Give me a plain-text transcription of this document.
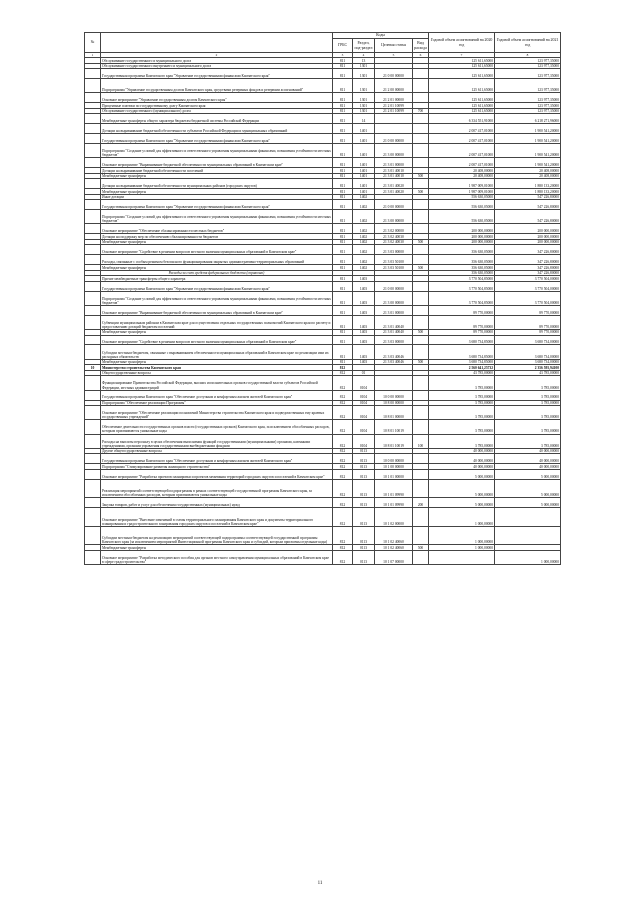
№		Коды				Годовой объем ассигнований на 2020 год	Годовой объем ассигнований на 2021 год
		ГРБС	Раздел, под-раздел	Целевая статья	Вид расхода		
1	2	3	4	5	6	7	8
	Обслуживание государственного и муниципального долга	811	13			125 611,65000	123 977,35000
	Обслуживание государственного внутреннего и муниципального долга	811	1301			125 611,65000	123 977,35000
	Государственная программа Камчатского края "Управление государственными финансами Камчатского края"	811	1301	21 0 00 00000		125 611,65000	123 977,35000
	Подпрограмма "Управление государственным долгом Камчатского края, средствами резервных фондов и резервами ассигнований"	811	1301	21 2 00 00000		125 611,65000	123 977,35000
	Основное мероприятие "Управление государственным долгом Камчатского края"	811	1301	21 2 01 00000		125 611,65000	123 977,35000
	Процентные платежи по государственному долгу Камчатского края	811	1301	21 2 01 10099		125 611,65000	123 977,35000
	Обслуживание государственного (муниципального) долга	811	1301	21 2 01 10099	700	125 611,65000	123 977,35000
	Межбюджетные трансферты общего характера бюджетам бюджетной системы Российской Федерации	811	14			6 334 551,91000	6 218 271,96000
	Дотации на выравнивание бюджетной обеспеченности субъектов Российской Федерации и муниципальных образований	811	1401			2 007 417,01000	1 900 541,20000
	Государственная программа Камчатского края "Управление государственными финансами Камчатского края"	811	1401	21 0 00 00000		2 007 417,01000	1 900 541,20000
	Подпрограмма "Создание условий для эффективного и ответственного управления муниципальными финансами, повышения устойчивости местных бюджетов"	811	1401	21 3 00 00000		2 007 417,01000	1 900 541,20000
	Основное мероприятие "Выравнивание бюджетной обеспеченности муниципальных образований в Камчатском крае"	811	1401	21 3 01 00000		2 007 417,01000	1 900 541,20000
	Дотации на выравнивание бюджетной обеспеченности поселений	811	1401	21 3 01 40010		20 408,00000	20 408,00000
	Межбюджетные трансферты	811	1401	21 3 01 40010	500	20 408,00000	20 408,00000
	Дотации на выравнивание бюджетной обеспеченности муниципальных районов (городских округов)	811	1401	21 3 01 40020		1 987 009,01000	1 880 133,20000
	Межбюджетные трансферты	811	1401	21 3 01 40020	500	1 987 009,01000	1 880 133,20000
	Иные дотации	811	1402			556 630,05000	547 226,80000
	Государственная программа Камчатского края "Управление государственными финансами Камчатского края"	811	1402	21 0 00 00000		556 630,05000	547 226,80000
	Подпрограмма "Создание условий для эффективного и ответственного управления муниципальными финансами, повышения устойчивости местных бюджетов"	811	1402	21 3 00 00000		556 630,05000	547 226,80000
	Основное мероприятие "Обеспечение сбалансированности местных бюджетов"	811	1402	21 3 02 00000		200 000,00000	200 000,00000
	Дотации на поддержку мер по обеспечению сбалансированности бюджетов	811	1402	21 3 02 40030		200 000,00000	200 000,00000
	Межбюджетные трансферты	811	1402	21 3 02 40030	500	200 000,00000	200 000,00000
	Основное мероприятие "Содействие в решении вопросов местного значения муниципальных образований в Камчатском крае"	811	1402	21 3 03 00000		356 630,05000	347 226,80000
	Расходы, связанные с особым режимом безопасного функционирования закрытых административно-территориальных образований	811	1402	21 3 03 50100		356 630,05000	347 226,80000
	Межбюджетные трансферты	811	1402	21 3 03 50100	500	356 630,05000	347 226,80000
	Расходы за счет средств федерального бюджета (справочно)					356 630,05000	347 226,80000
	Прочие межбюджетные трансферты общего характера	811	1403			3 770 504,85000	3 770 504,00000
	Государственная программа Камчатского края "Управление государственными финансами Камчатского края"	811	1403	21 0 00 00000		3 770 504,85000	3 770 504,00000
	Подпрограмма "Создание условий для эффективного и ответственного управления муниципальными финансами, повышения устойчивости местных бюджетов"	811	1403	21 3 00 00000		3 770 504,85000	3 770 504,00000
	Основное мероприятие "Выравнивание бюджетной обеспеченности муниципальных образований в Камчатском крае"	811	1403	21 3 01 00000		89 770,00000	89 770,00000
	Субвенции муниципальным районам в Камчатском крае для осуществления отдельных государственных полномочий Камчатского края по расчету и предоставлению дотаций бюджетам поселений	811	1403	21 3 01 40040		89 770,00000	89 770,00000
	Межбюджетные трансферты	811	1403	21 3 01 40040	500	89 770,00000	89 770,00000
	Основное мероприятие "Содействие в решении вопросов местного значения муниципальных образований в Камчатском крае"	811	1403	21 3 03 00000		3 680 734,85000	3 680 734,00000
	Субсидии местным бюджетам, связанные с выравниванием обеспеченности муниципальных образований в Камчатском крае по реализации ими их расходных обязательств	811	1403	21 3 03 40046		3 680 734,85000	3 680 734,00000
	Межбюджетные трансферты	811	1403	21 3 03 40046	500	3 680 734,85000	3 680 734,00000
10	Министерство строительства Камчатского края	812				2 560 641,25732	2 356 595,94100
	Общегосударственные вопросы	812	01			43 785,00000	43 785,00000
	Функционирование Правительства Российской Федерации, высших исполнительных органов государственной власти субъектов Российской Федерации, местных администраций	812	0104			3 785,00000	3 785,00000
	Государственная программа Камчатского края "Обеспечение доступным и комфортным жильем жителей Камчатского края"	812	0104	10 0 00 00000		3 785,00000	3 785,00000
	Подпрограмма "Обеспечение реализации Программы"	812	0104	10 8 00 00000		3 785,00000	3 785,00000
	Основное мероприятие "Обеспечение реализации полномочий Министерства строительства Камчатского края и подведомственных ему краевых государственных учреждений"	812	0104	10 8 01 00000		3 785,00000	3 785,00000
	Обеспечение деятельности государственных органов власти (государственных органов) Камчатского края, за исключением обособленных расходов, которым присваиваются уникальные коды	812	0104	10 8 01 10019		3 785,00000	3 785,00000
	Расходы на выплаты персоналу в целях обеспечения выполнения функций государственными (муниципальными) органами, казенными учреждениями, органами управления государственными внебюджетными фондами	812	0104	10 8 01 10019	100	3 785,00000	3 785,00000
	Другие общегосударственные вопросы	812	0113			40 000,00000	40 000,00000
	Государственная программа Камчатского края "Обеспечение доступным и комфортным жильем жителей Камчатского края"	812	0113	10 0 00 00000		40 000,00000	40 000,00000
	Подпрограмма "Стимулирование развития жилищного строительства"	812	0113	10 1 00 00000		40 000,00000	40 000,00000
	Основное мероприятие "Разработка проектов планировки и проектов межевания территорий городских округов и поселений в Камчатском крае"	812	0113	10 1 01 00000		5 000,00000	5 000,00000
	Реализация мероприятий соответствующей подпрограммы в рамках соответствующей государственной программы Камчатского края, за исключением обособленных расходов, которым присваиваются уникальные коды	812	0113	10 1 01 09990		5 000,00000	5 000,00000
	Закупка товаров, работ и услуг для обеспечения государственных (муниципальных) нужд	812	0113	10 1 01 09990	200	5 000,00000	5 000,00000
	Основное мероприятие "Внесение изменений в схемы территориального планирования Камчатского края и документы территориального планирования и градостроительного зонирования городских округов и поселений в Камчатском крае"	812	0113	10 1 02 00000		1 000,00000	
	Субсидии местным бюджетам на реализацию мероприятий соответствующей подпрограммы соответствующей государственной программы Камчатского края (за исключением мероприятий Инвестиционной программы Камчатского края и субсидий, которым присвоены отдельные коды)	812	0113	10 1 02 40060		1 000,00000	
	Межбюджетные трансферты	812	0113	10 1 02 40060	500	1 000,00000	
	Основное мероприятие "Разработка методического пособия для органов местного самоуправления муниципальных образований в Камчатском крае в сфере градостроительства"	812	0113	10 1 07 00000			1 000,00000
11
